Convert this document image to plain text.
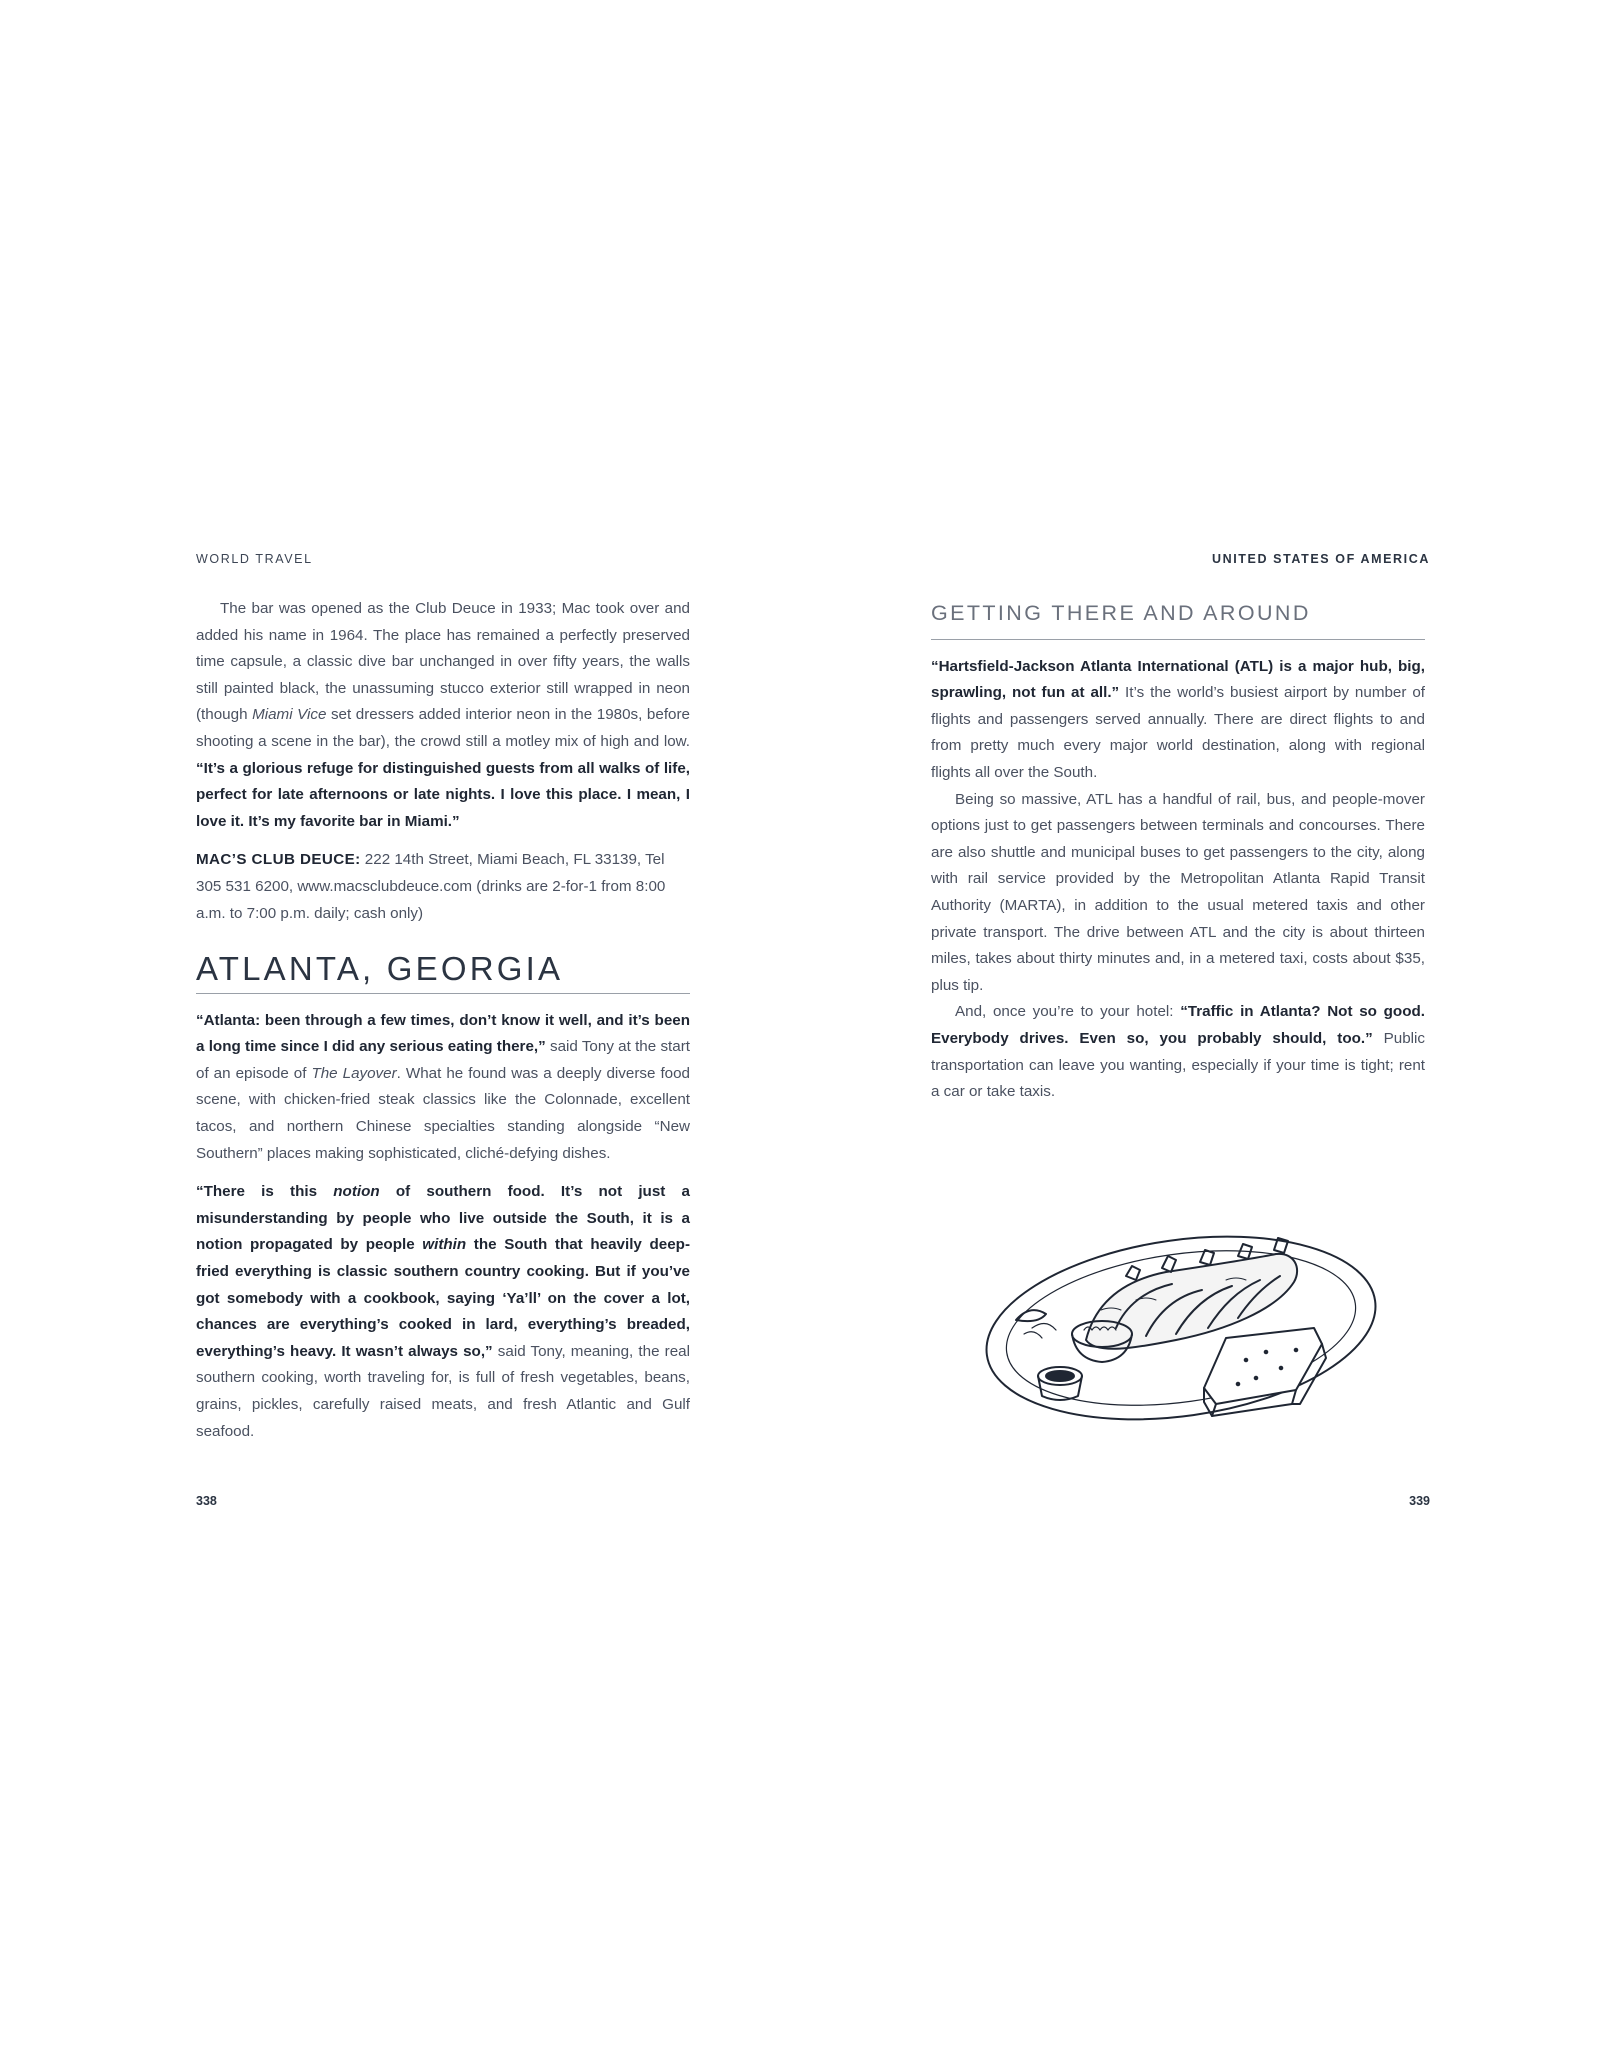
WORLD TRAVEL

The bar was opened as the Club Deuce in 1933; Mac took over and added his name in 1964. The place has remained a perfectly preserved time capsule, a classic dive bar unchanged in over fifty years, the walls still painted black, the unassuming stucco exterior still wrapped in neon (though Miami Vice set dressers added interior neon in the 1980s, before shooting a scene in the bar), the crowd still a motley mix of high and low. “It’s a glorious refuge for distinguished guests from all walks of life, perfect for late afternoons or late nights. I love this place. I mean, I love it. It’s my favorite bar in Miami.”

MAC’S CLUB DEUCE: 222 14th Street, Miami Beach, FL 33139, Tel 305 531 6200, www.macsclubdeuce.com (drinks are 2-for-1 from 8:00 a.m. to 7:00 p.m. daily; cash only)

ATLANTA, GEORGIA

“Atlanta: been through a few times, don’t know it well, and it’s been a long time since I did any serious eating there,” said Tony at the start of an episode of The Layover. What he found was a deeply diverse food scene, with chicken-fried steak classics like the Colonnade, excellent tacos, and northern Chinese specialties standing alongside “New Southern” places making sophisticated, cliché-defying dishes.

“There is this notion of southern food. It’s not just a misunderstanding by people who live outside the South, it is a notion propagated by people within the South that heavily deep-fried everything is classic southern country cooking. But if you’ve got somebody with a cookbook, saying ‘Ya’ll’ on the cover a lot, chances are everything’s cooked in lard, everything’s breaded, everything’s heavy. It wasn’t always so,” said Tony, meaning, the real southern cooking, worth traveling for, is full of fresh vegetables, beans, grains, pickles, carefully raised meats, and fresh Atlantic and Gulf seafood.

338
UNITED STATES OF AMERICA
GETTING THERE AND AROUND

“Hartsfield-Jackson Atlanta International (ATL) is a major hub, big, sprawling, not fun at all.” It’s the world’s busiest airport by number of flights and passengers served annually. There are direct flights to and from pretty much every major world destination, along with regional flights all over the South.

Being so massive, ATL has a handful of rail, bus, and people-mover options just to get passengers between terminals and concourses. There are also shuttle and municipal buses to get passengers to the city, along with rail service provided by the Metropolitan Atlanta Rapid Transit Authority (MARTA), in addition to the usual metered taxis and other private transport. The drive between ATL and the city is about thirteen miles, takes about thirty minutes and, in a metered taxi, costs about $35, plus tip.

And, once you’re to your hotel: “Traffic in Atlanta? Not so good. Everybody drives. Even so, you probably should, too.” Public transportation can leave you wanting, especially if your time is tight; rent a car or take taxis.

339
